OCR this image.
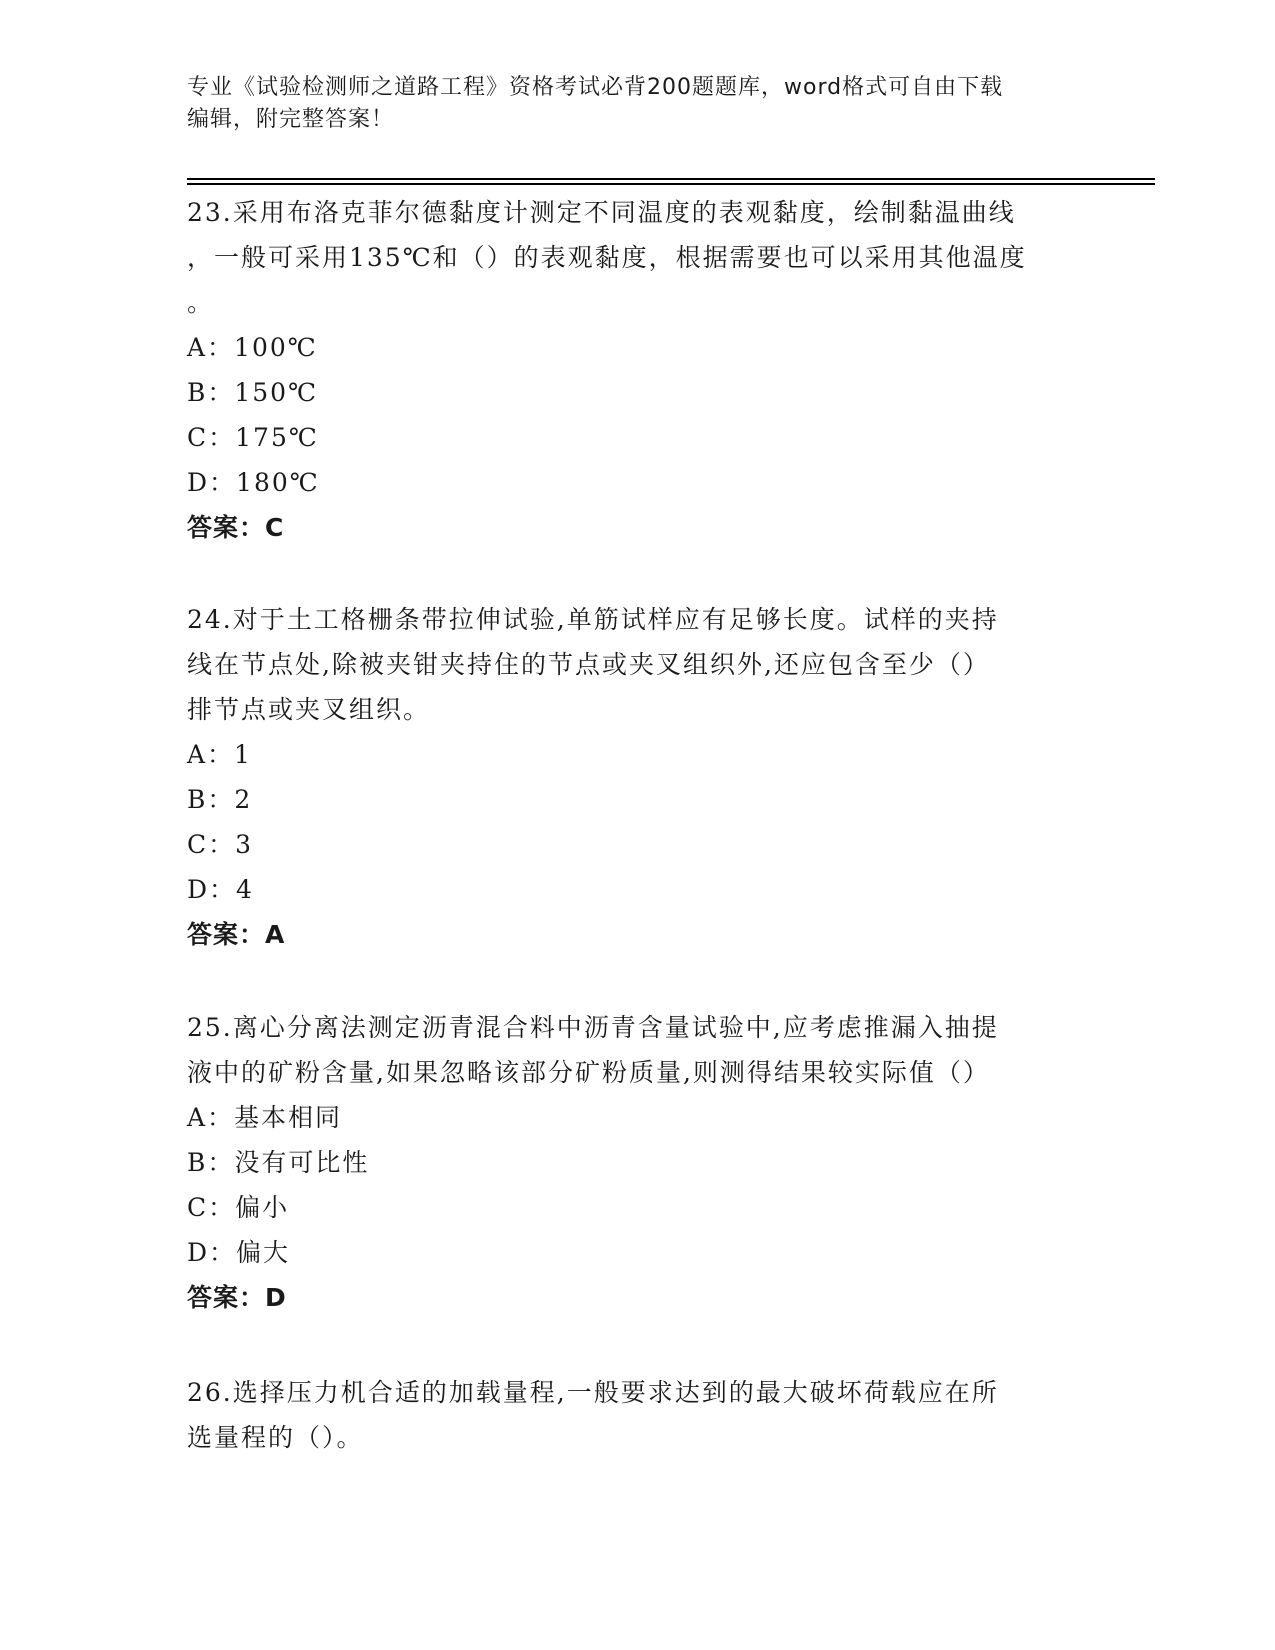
专业《试验检测师之道路工程》资格考试必背200题题库，word格式可自由下载
编辑，附完整答案！

23.采用布洛克菲尔德黏度计测定不同温度的表观黏度，绘制黏温曲线

，一般可采用135℃和（）的表观黏度，根据需要也可以采用其他温度

。

A：100℃

B：150℃

C：175℃

D：180℃

答案：C

24.对于土工格栅条带拉伸试验,单筋试样应有足够长度。试样的夹持

线在节点处,除被夹钳夹持住的节点或夹叉组织外,还应包含至少（）

排节点或夹叉组织。

A：1

B：2

C：3

D：4

答案：A

25.离心分离法测定沥青混合料中沥青含量试验中,应考虑推漏入抽提

液中的矿粉含量,如果忽略该部分矿粉质量,则测得结果较实际值（）

A：基本相同

B：没有可比性

C：偏小

D：偏大

答案：D

26.选择压力机合适的加载量程,一般要求达到的最大破坏荷载应在所

选量程的（）。
